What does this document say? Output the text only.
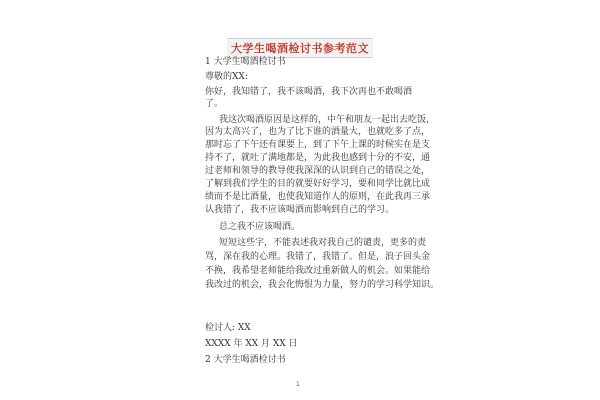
大学生喝酒检讨书参考范文
1 大学生喝酒检讨书
尊敬的XX:
你好，我知错了，我不该喝酒，我下次再也不敢喝酒
了。
我这次喝酒原因是这样的，中午和朋友一起出去吃饭，
因为太高兴了，也为了比下谁的酒量大，也就吃多了点，
那时忘了下午还有课要上，到了下午上课的时候实在是支
持不了，就吐了满地都是，为此我也感到十分的不安，通
过老师和领导的教导使我深深的认识到自己的错误之处，
了解到我们学生的目的就要好好学习，要和同学比就比成
绩而不是比酒量，也使我知道作人的原则，在此我再三承
认我错了，我不应该喝酒而影响到自己的学习。
总之我不应该喝酒。
短短这些字，不能表述我对我自己的谴责，更多的责
骂，深在我的心理。我错了，我错了。但是，浪子回头金
不换，我希望老师能给我改过重新做人的机会。如果能给
我改过的机会，我会化悔恨为力量，努力的学习科学知识。
检讨人: XX
XXXX 年 XX 月 XX 日
2 大学生喝酒检讨书
1
